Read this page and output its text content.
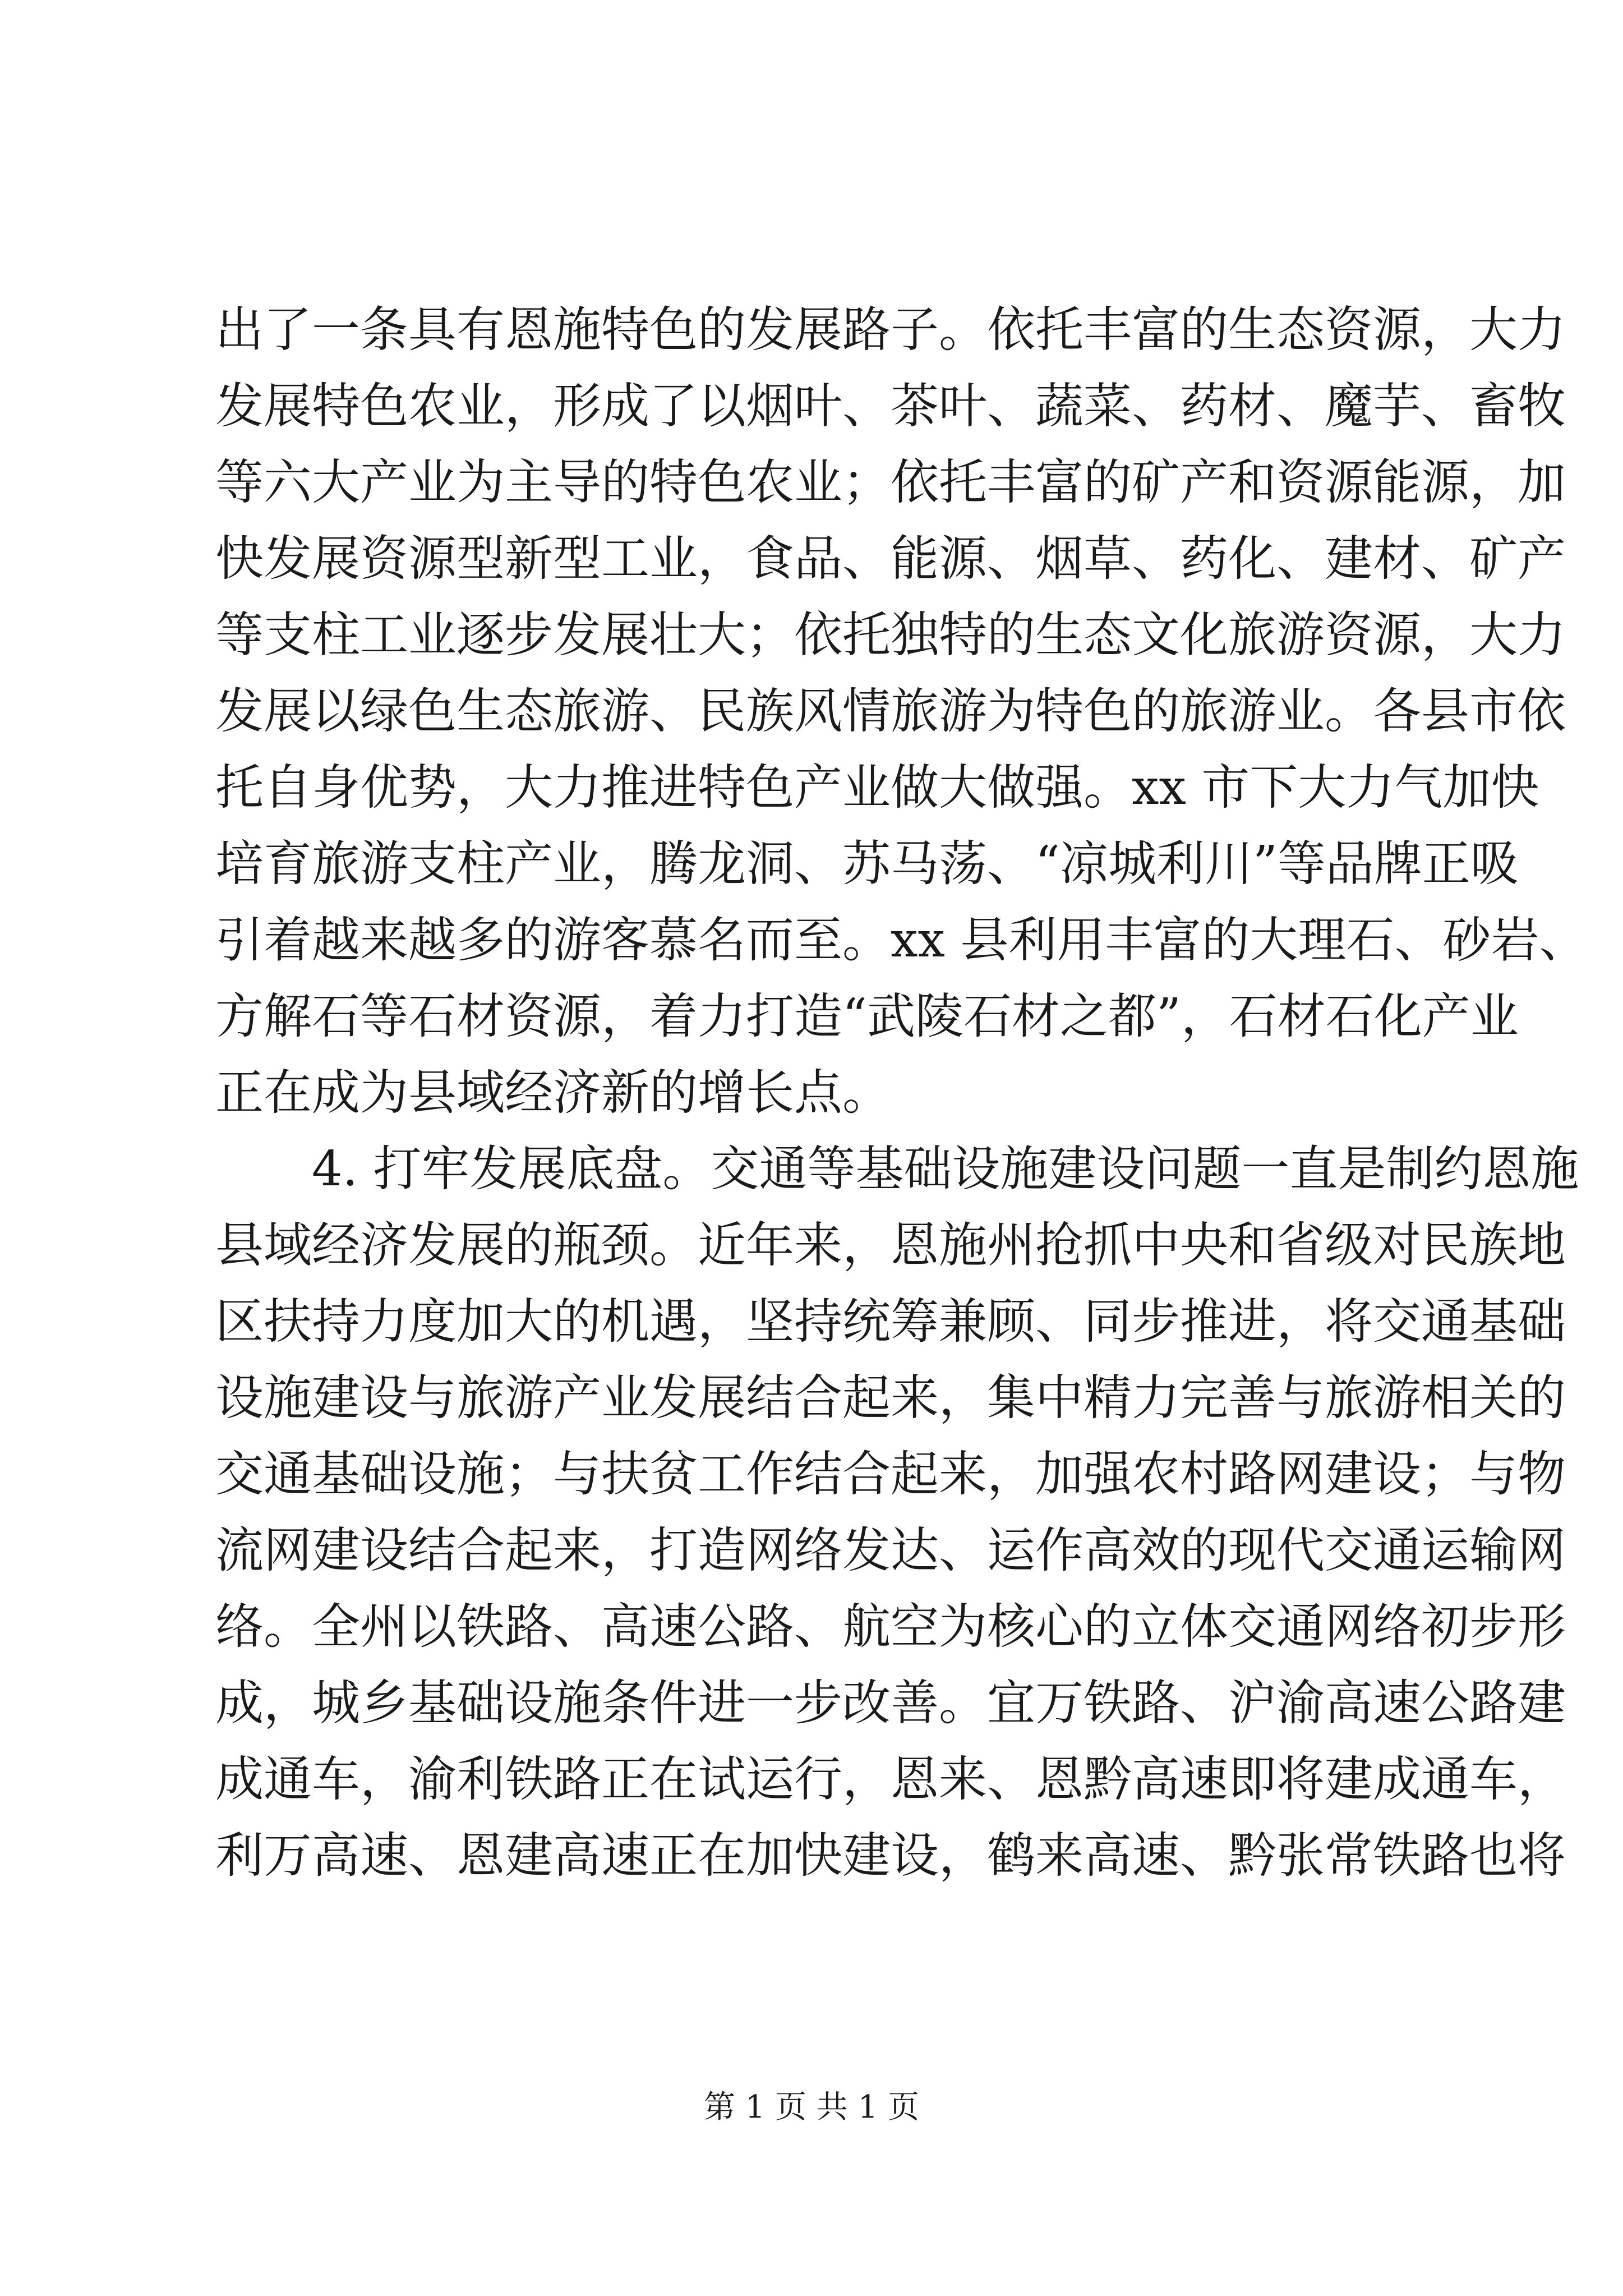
出了一条具有恩施特色的发展路子。依托丰富的生态资源，大力

发展特色农业，形成了以烟叶、茶叶、蔬菜、药材、魔芋、畜牧

等六大产业为主导的特色农业；依托丰富的矿产和资源能源，加

快发展资源型新型工业，食品、能源、烟草、药化、建材、矿产

等支柱工业逐步发展壮大；依托独特的生态文化旅游资源，大力

发展以绿色生态旅游、民族风情旅游为特色的旅游业。各县市依

托自身优势，大力推进特色产业做大做强。xx 市下大力气加快

培育旅游支柱产业，腾龙洞、苏马荡、“凉城利川”等品牌正吸

引着越来越多的游客慕名而至。xx 县利用丰富的大理石、砂岩、

方解石等石材资源，着力打造“武陵石材之都”，石材石化产业

正在成为县域经济新的增长点。

4. 打牢发展底盘。交通等基础设施建设问题一直是制约恩施

县域经济发展的瓶颈。近年来，恩施州抢抓中央和省级对民族地

区扶持力度加大的机遇，坚持统筹兼顾、同步推进，将交通基础

设施建设与旅游产业发展结合起来，集中精力完善与旅游相关的

交通基础设施；与扶贫工作结合起来，加强农村路网建设；与物

流网建设结合起来，打造网络发达、运作高效的现代交通运输网

络。全州以铁路、高速公路、航空为核心的立体交通网络初步形

成，城乡基础设施条件进一步改善。宜万铁路、沪渝高速公路建

成通车，渝利铁路正在试运行，恩来、恩黔高速即将建成通车，

利万高速、恩建高速正在加快建设，鹤来高速、黔张常铁路也将

第 1 页 共 1 页
